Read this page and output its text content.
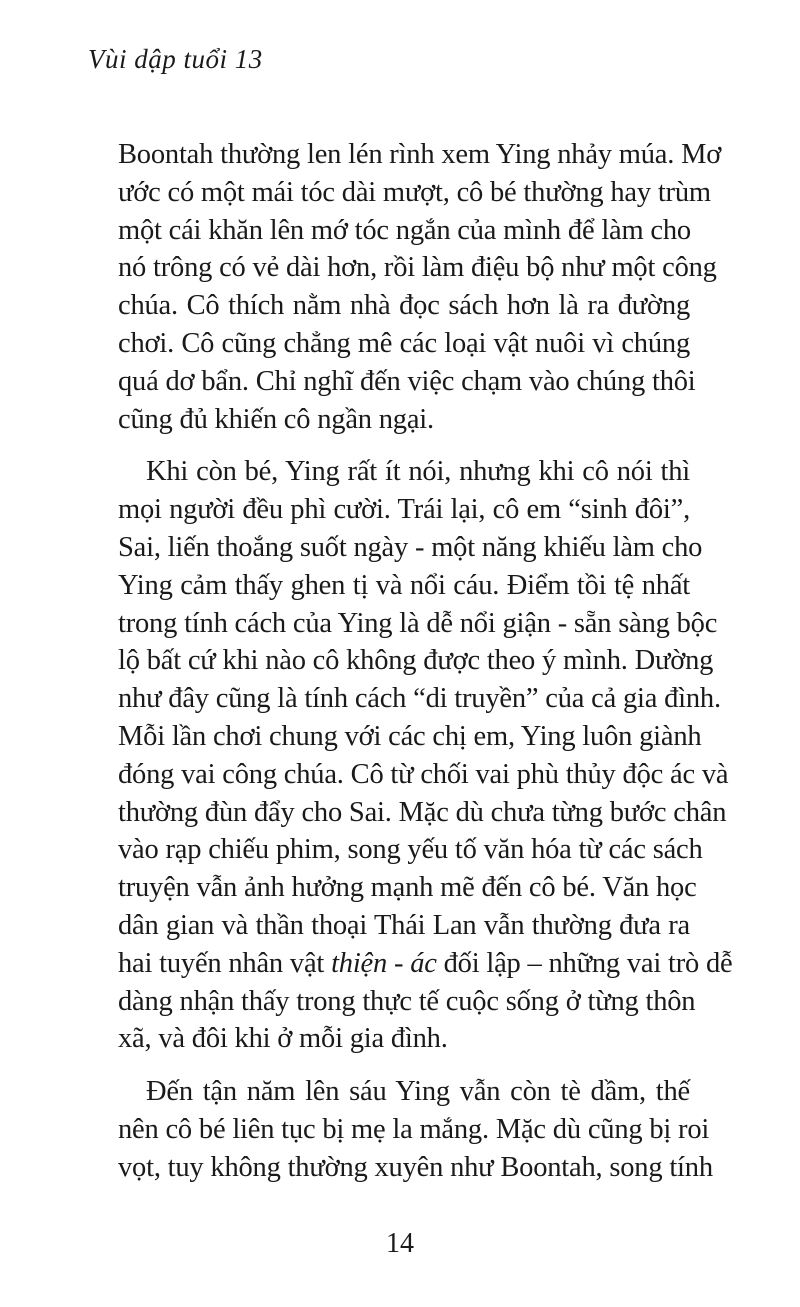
Vùi dập tuổi 13
Boontah thường len lén rình xem Ying nhảy múa. Mơ
ước có một mái tóc dài mượt, cô bé thường hay trùm
một cái khăn lên mớ tóc ngắn của mình để làm cho
nó trông có vẻ dài hơn, rồi làm điệu bộ như một công
chúa. Cô thích nằm nhà đọc sách hơn là ra đường
chơi. Cô cũng chẳng mê các loại vật nuôi vì chúng
quá dơ bẩn. Chỉ nghĩ đến việc chạm vào chúng thôi
cũng đủ khiến cô ngần ngại.
Khi còn bé, Ying rất ít nói, nhưng khi cô nói thì
mọi người đều phì cười. Trái lại, cô em “sinh đôi”,
Sai, liến thoắng suốt ngày - một năng khiếu làm cho
Ying cảm thấy ghen tị và nổi cáu. Điểm tồi tệ nhất
trong tính cách của Ying là dễ nổi giận - sẵn sàng bộc
lộ bất cứ khi nào cô không được theo ý mình. Dường
như đây cũng là tính cách “di truyền” của cả gia đình.
Mỗi lần chơi chung với các chị em, Ying luôn giành
đóng vai công chúa. Cô từ chối vai phù thủy độc ác và
thường đùn đẩy cho Sai. Mặc dù chưa từng bước chân
vào rạp chiếu phim, song yếu tố văn hóa từ các sách
truyện vẫn ảnh hưởng mạnh mẽ đến cô bé. Văn học
dân gian và thần thoại Thái Lan vẫn thường đưa ra
hai tuyến nhân vật thiện - ác đối lập – những vai trò dễ
dàng nhận thấy trong thực tế cuộc sống ở từng thôn
xã, và đôi khi ở mỗi gia đình.
Đến tận năm lên sáu Ying vẫn còn tè dầm, thế
nên cô bé liên tục bị mẹ la mắng. Mặc dù cũng bị roi
vọt, tuy không thường xuyên như Boontah, song tính
14
